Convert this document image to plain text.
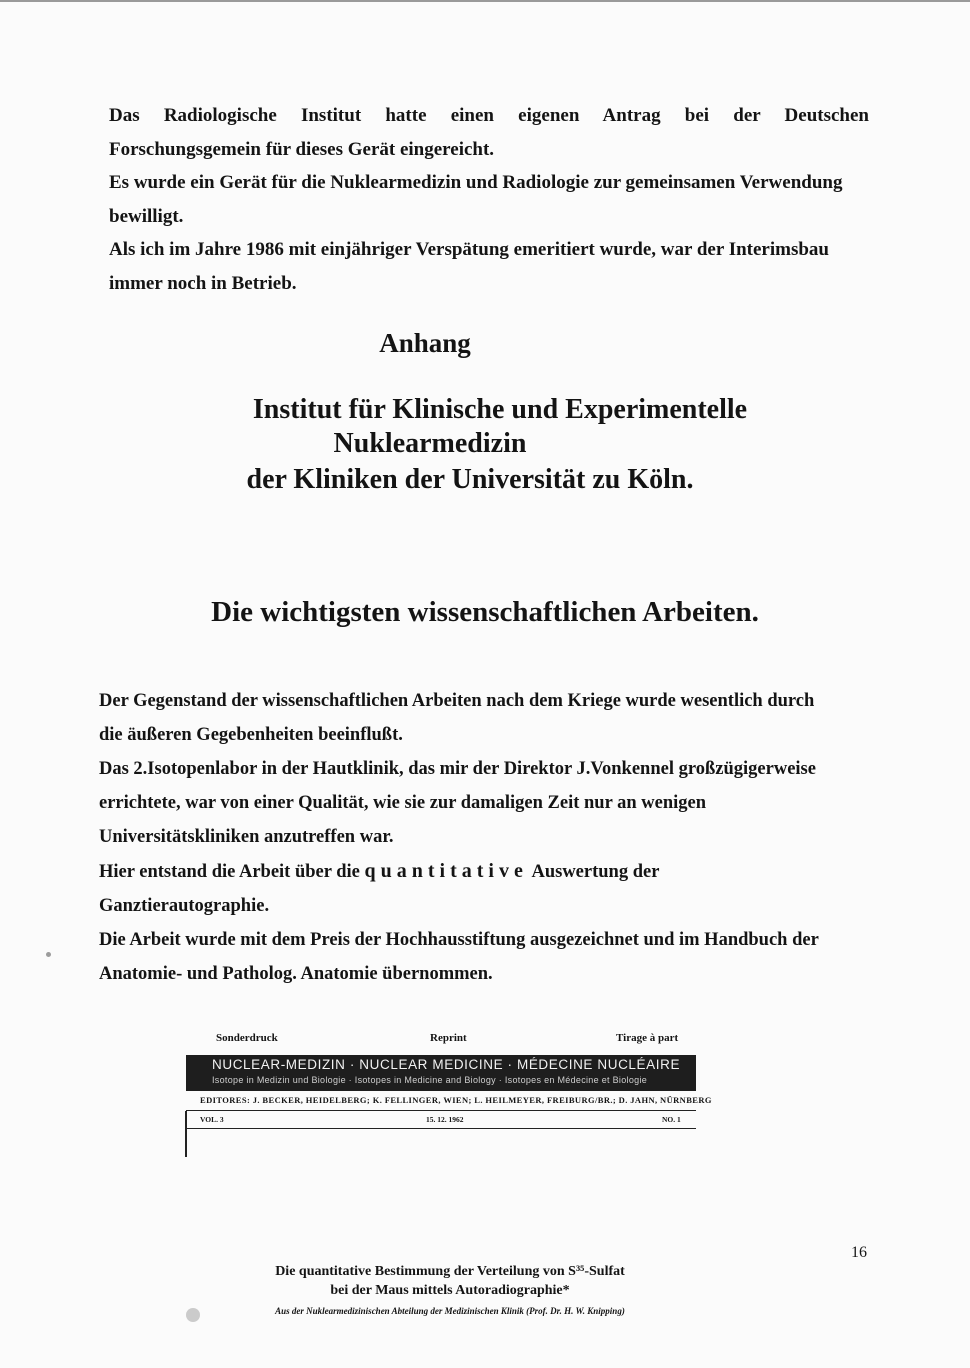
Das Radiologische Institut hatte einen eigenen Antrag bei der Deutschen

Forschungsgemein für dieses Gerät eingereicht.

Es wurde ein Gerät für die Nuklearmedizin und Radiologie zur gemeinsamen Verwendung

bewilligt.

Als ich im Jahre 1986 mit einjähriger Verspätung emeritiert wurde, war der Interimsbau

immer noch in Betrieb.

Anhang
Institut für Klinische und Experimentelle
Nuklearmedizin
der Kliniken der Universität zu Köln.
Die wichtigsten wissenschaftlichen Arbeiten.

Der Gegenstand der wissenschaftlichen Arbeiten nach dem Kriege wurde wesentlich durch

die äußeren Gegebenheiten beeinflußt.

Das 2.Isotopenlabor in der Hautklinik, das mir der Direktor J.Vonkennel großzügigerweise

errichtete, war von einer Qualität, wie sie zur damaligen Zeit nur an wenigen

Universitätskliniken anzutreffen war.

Hier entstand die Arbeit über die quantitative Auswertung der

Ganztierautographie.

Die Arbeit wurde mit dem Preis der Hochhausstiftung ausgezeichnet und im Handbuch der

Anatomie- und Patholog. Anatomie übernommen.

Sonderdruck	Reprint	Tirage à part
NUCLEAR-MEDIZIN · NUCLEAR MEDICINE · MÉDECINE NUCLÉAIRE
Isotope in Medizin und Biologie · Isotopes in Medicine and Biology · Isotopes en Médecine et Biologie
EDITORES: J. BECKER, HEIDELBERG; K. FELLINGER, WIEN; L. HEILMEYER, FREIBURG/BR.; D. JAHN, NÜRNBERG
VOL. 3	15. 12. 1962	NO. 1
16
Die quantitative Bestimmung der Verteilung von S³⁵-Sulfat
bei der Maus mittels Autoradiographie*
Aus der Nuklearmedizinischen Abteilung der Medizinischen Klinik (Prof. Dr. H. W. Knipping)
